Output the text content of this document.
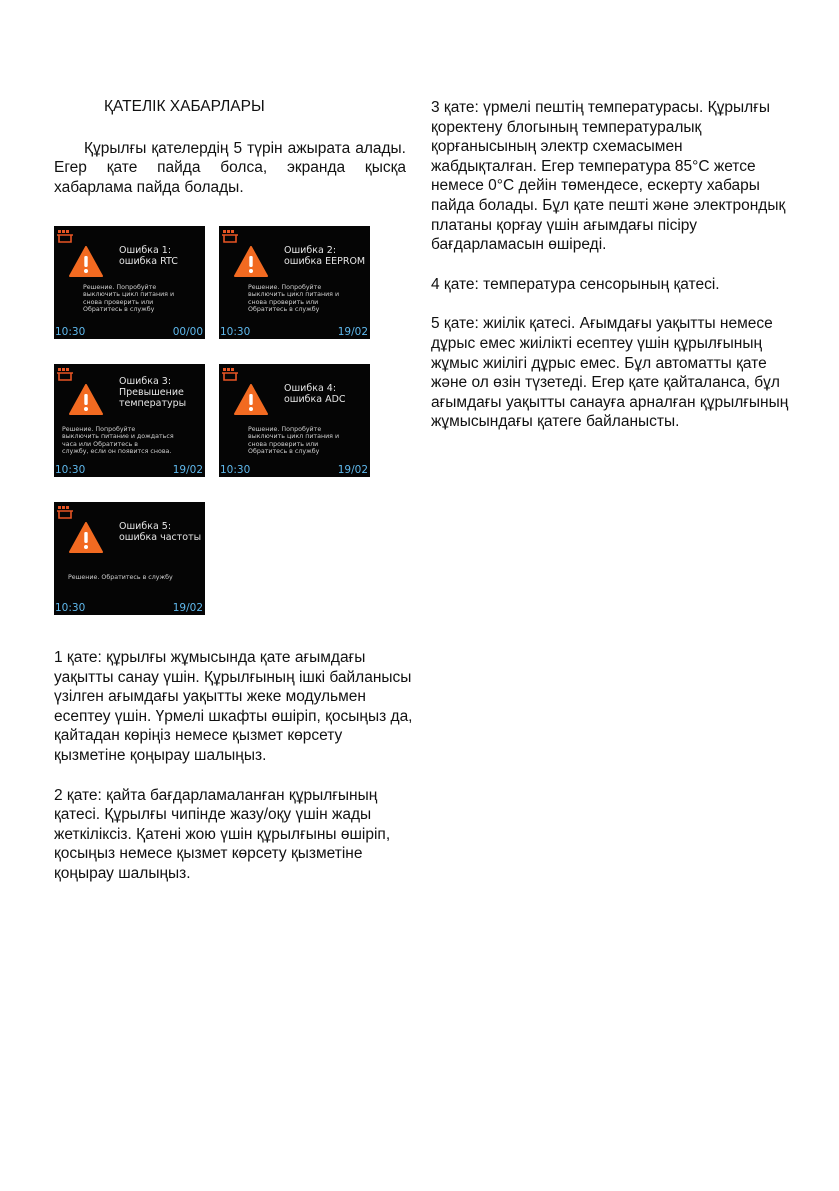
ҚАТЕЛІК ХАБАРЛАРЫ

Құрылғы қателердің 5 түрін ажырата алады. Егер қате пайда болса, экранда қысқа хабарлама пайда болады.

Ошибка 1:
ошибка RTC
Решение. Попробуйте
выключить цикл питания и
снова проверить или
Обратитесь в службу
10:30	00/00
Ошибка 2:
ошибка EEPROM
Решение. Попробуйте
выключить цикл питания и
снова проверить или
Обратитесь в службу
10:30	19/02
Ошибка 3:
Превышение
температуры
Решение. Попробуйте
выключить питание и дождаться
часа или Обратитесь в
службу, если он появится снова.
10:30	19/02
Ошибка 4:
ошибка ADC
Решение. Попробуйте
выключить цикл питания и
снова проверить или
Обратитесь в службу
10:30	19/02
Ошибка 5:
ошибка частоты
Решение. Обратитесь в службу
10:30	19/02

1 қате: құрылғы жұмысында қате ағымдағы уақытты санау үшін. Құрылғының ішкі байланысы үзілген ағымдағы уақытты жеке модульмен есептеу үшін. Үрмелі шкафты өшіріп, қосыңыз да, қайтадан көріңіз немесе қызмет көрсету қызметіне қоңырау шалыңыз.

2 қате: қайта бағдарламаланған құрылғының қатесі. Құрылғы чипінде жазу/оқу үшін жады жеткіліксіз. Қатені жою үшін құрылғыны өшіріп, қосыңыз немесе қызмет көрсету қызметіне қоңырау шалыңыз.

3 қате: үрмелі пештің температурасы. Құрылғы қоректену блогының температуралық қорғанысының электр схемасымен жабдықталған. Егер температура 85°C жетсе немесе 0°C дейін төмендесе, ескерту хабары пайда болады. Бұл қате пешті және электрондық платаны қорғау үшін ағымдағы пісіру бағдарламасын өшіреді.

4 қате: температура сенсорының қатесі.

5 қате: жиілік қатесі. Ағымдағы уақытты немесе дұрыс емес жиілікті есептеу үшін құрылғының жұмыс жиілігі дұрыс емес. Бұл автоматты қате және ол өзін түзетеді. Егер қате қайталанса, бұл ағымдағы уақытты санауға арналған құрылғының жұмысындағы қатеге байланысты.
